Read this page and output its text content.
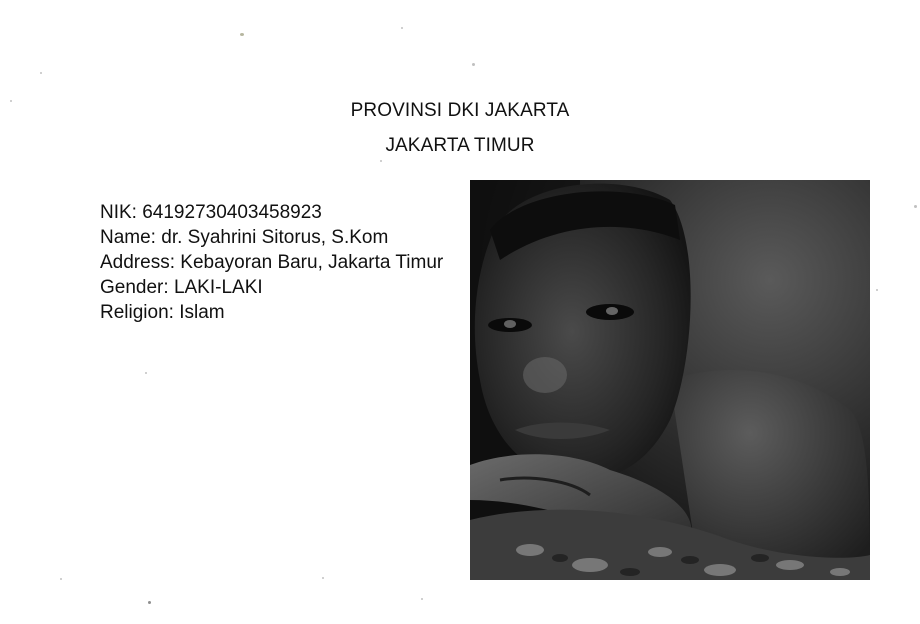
PROVINSI DKI JAKARTA
JAKARTA TIMUR
NIK: 64192730403458923
Name: dr. Syahrini Sitorus, S.Kom
Address: Kebayoran Baru, Jakarta Timur
Gender: LAKI-LAKI
Religion: Islam
